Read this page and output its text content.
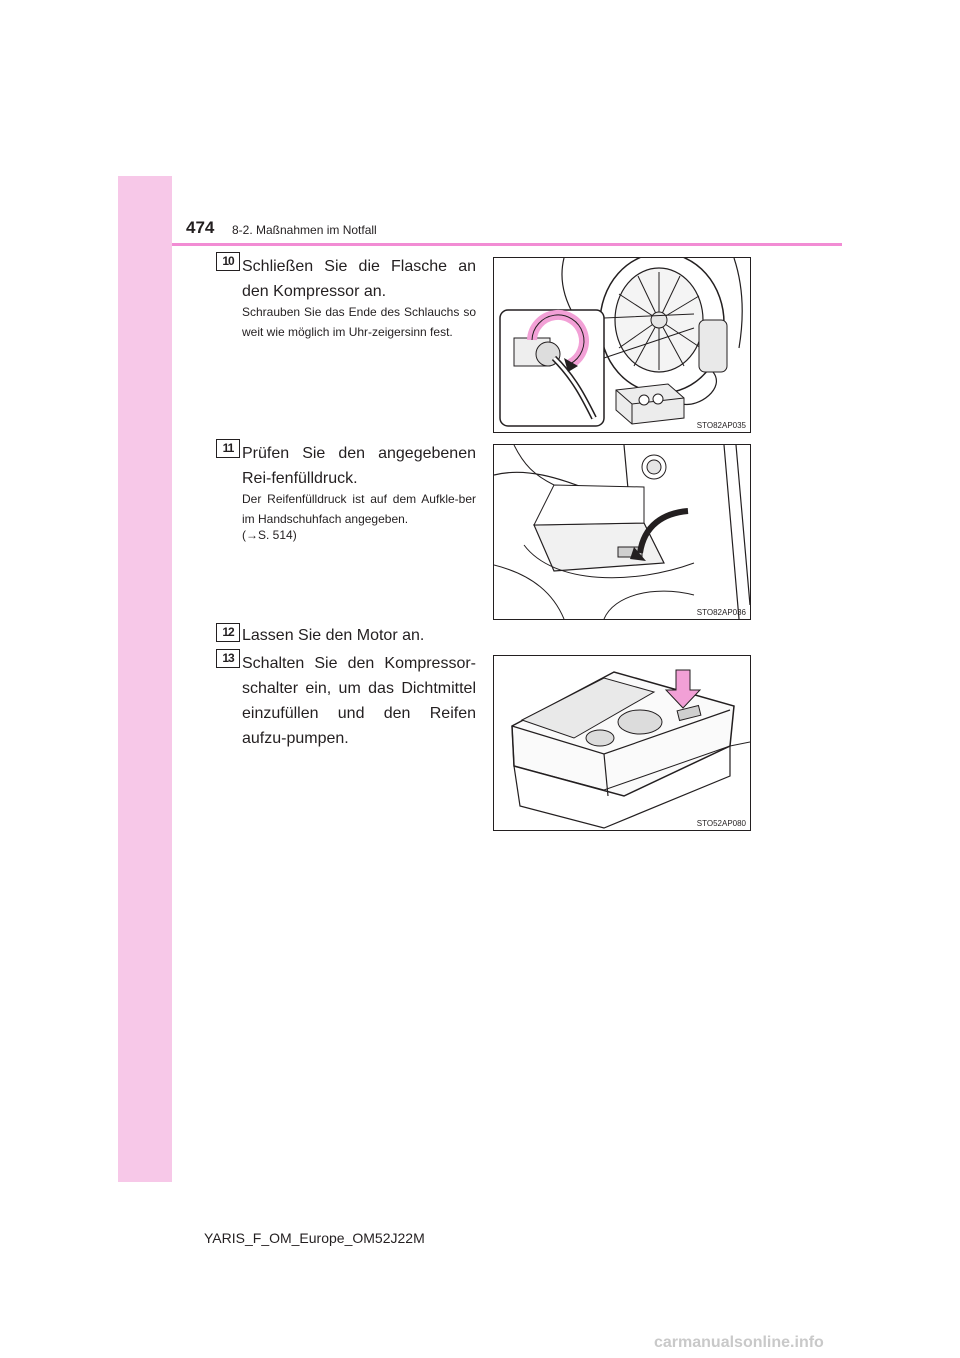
474 8-2. Maßnahmen im Notfall
10 Schließen Sie die Flasche an den Kompressor an.
Schrauben Sie das Ende des Schlauchs so weit wie möglich im Uhr-zeigersinn fest.
STO82AP035
11 Prüfen Sie den angegebenen Rei-fenfülldruck.
Der Reifenfülldruck ist auf dem Aufkle-ber im Handschuhfach angegeben.
(→S. 514)
STO82AP036
12 Lassen Sie den Motor an.
13 Schalten Sie den Kompressor-schalter ein, um das Dichtmittel einzufüllen und den Reifen aufzu-pumpen.
STO52AP080
YARIS_F_OM_Europe_OM52J22M
carmanualsonline.info
